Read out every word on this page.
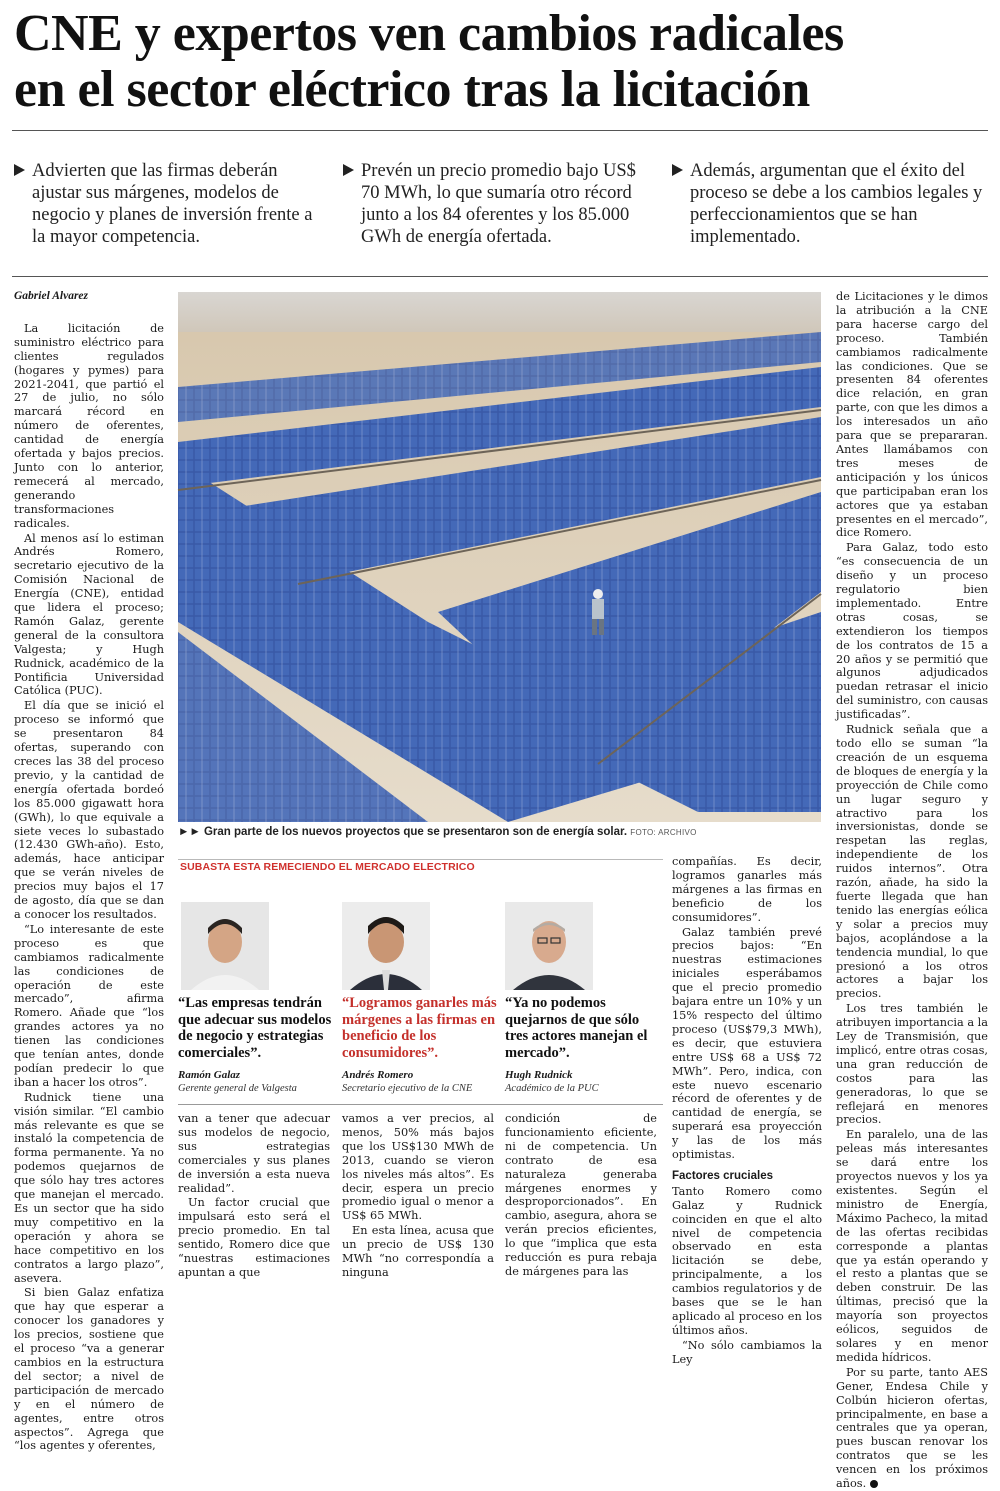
CNE y expertos ven cambios radicales
en el sector eléctrico tras la licitación

Advierten que las firmas deberán ajustar sus márgenes, modelos de negocio y planes de inversión frente a la mayor competencia.

Prevén un precio promedio bajo US$ 70 MWh, lo que sumaría otro récord junto a los 84 oferentes y los 85.000 GWh de energía ofertada.

Además, argumentan que el éxito del proceso se debe a los cambios legales y perfeccionamientos que se han implementado.

Gabriel Alvarez

La licitación de suministro eléctrico para clientes regulados (hogares y pymes) para 2021-2041, que partió el 27 de julio, no sólo marcará récord en número de oferentes, cantidad de energía ofertada y bajos precios. Junto con lo anterior, remecerá al mercado, generando transformaciones radicales.

Al menos así lo estiman Andrés Romero, secretario ejecutivo de la Comisión Nacional de Energía (CNE), entidad que lidera el proceso; Ramón Galaz, gerente general de la consultora Valgesta; y Hugh Rudnick, académico de la Pontificia Universidad Católica (PUC).

El día que se inició el proceso se informó que se presentaron 84 ofertas, superando con creces las 38 del proceso previo, y la cantidad de energía ofertada bordeó los 85.000 gigawatt hora (GWh), lo que equivale a siete veces lo subastado (12.430 GWh-año). Esto, además, hace anticipar que se verán niveles de precios muy bajos el 17 de agosto, día que se dan a conocer los resultados.

“Lo interesante de este proceso es que cambiamos radicalmente las condiciones de operación de este mercado”, afirma Romero. Añade que “los grandes actores ya no tienen las condiciones que tenían antes, donde podían predecir lo que iban a hacer los otros”.

Rudnick tiene una visión similar. “El cambio más relevante es que se instaló la competencia de forma permanente. Ya no podemos quejarnos de que sólo hay tres actores que manejan el mercado. Es un sector que ha sido muy competitivo en la operación y ahora se hace competitivo en los contratos a largo plazo”, asevera.

Si bien Galaz enfatiza que hay que esperar a conocer los ganadores y los precios, sostiene que el proceso “va a generar cambios en la estructura del sector; a nivel de participación de mercado y en el número de agentes, entre otros aspectos”. Agrega que “los agentes y oferentes,

►► Gran parte de los nuevos proyectos que se presentaron son de energía solar. FOTO: ARCHIVO
SUBASTA ESTA REMECIENDO EL MERCADO ELECTRICO
“Las empresas tendrán que adecuar sus modelos de negocio y estrategias comerciales”.
“Logramos ganarles más márgenes a las firmas en beneficio de los consumidores”.
“Ya no podemos quejarnos de que sólo tres actores manejan el mercado”.
Ramón Galaz
Gerente general de Valgesta
Andrés Romero
Secretario ejecutivo de la CNE
Hugh Rudnick
Académico de la PUC

van a tener que adecuar sus modelos de negocio, sus estrategias comerciales y sus planes de inversión a esta nueva realidad”.

Un factor crucial que impulsará esto será el precio promedio. En tal sentido, Romero dice que “nuestras estimaciones apuntan a que

vamos a ver precios, al menos, 50% más bajos que los US$130 MWh de 2013, cuando se vieron los niveles más altos”. Es decir, espera un precio promedio igual o menor a US$ 65 MWh.

En esta línea, acusa que un precio de US$ 130 MWh “no correspondía a ninguna

condición de funcionamiento eficiente, ni de competencia. Un contrato de esa naturaleza generaba márgenes enormes y desproporcionados”. En cambio, asegura, ahora se verán precios eficientes, lo que “implica que esta reducción es pura rebaja de márgenes para las

compañías. Es decir, logramos ganarles más márgenes a las firmas en beneficio de los consumidores”.

Galaz también prevé precios bajos: “En nuestras estimaciones iniciales esperábamos que el precio promedio bajara entre un 10% y un 15% respecto del último proceso (US$79,3 MWh), es decir, que estuviera entre US$ 68 a US$ 72 MWh”. Pero, indica, con este nuevo escenario récord de oferentes y de cantidad de energía, se superará esa proyección y las de los más optimistas.

Factores cruciales

Tanto Romero como Galaz y Rudnick coinciden en que el alto nivel de competencia observado en esta licitación se debe, principalmente, a los cambios regulatorios y de bases que se le han aplicado al proceso en los últimos años.

“No sólo cambiamos la Ley

de Licitaciones y le dimos la atribución a la CNE para hacerse cargo del proceso. También cambiamos radicalmente las condiciones. Que se presenten 84 oferentes dice relación, en gran parte, con que les dimos a los interesados un año para que se prepararan. Antes llamábamos con tres meses de anticipación y los únicos que participaban eran los actores que ya estaban presentes en el mercado”, dice Romero.

Para Galaz, todo esto “es consecuencia de un diseño y un proceso regulatorio bien implementado. Entre otras cosas, se extendieron los tiempos de los contratos de 15 a 20 años y se permitió que algunos adjudicados puedan retrasar el inicio del suministro, con causas justificadas”.

Rudnick señala que a todo ello se suman “la creación de un esquema de bloques de energía y la proyección de Chile como un lugar seguro y atractivo para los inversionistas, donde se respetan las reglas, independiente de los ruidos internos”. Otra razón, añade, ha sido la fuerte llegada que han tenido las energías eólica y solar a precios muy bajos, acoplándose a la tendencia mundial, lo que presionó a los otros actores a bajar los precios.

Los tres también le atribuyen importancia a la Ley de Transmisión, que implicó, entre otras cosas, una gran reducción de costos para las generadoras, lo que se reflejará en menores precios.

En paralelo, una de las peleas más interesantes se dará entre los proyectos nuevos y los ya existentes. Según el ministro de Energía, Máximo Pacheco, la mitad de las ofertas recibidas corresponde a plantas que ya están operando y el resto a plantas que se deben construir. De las últimas, precisó que la mayoría son proyectos eólicos, seguidos de solares y en menor medida hídricos.

Por su parte, tanto AES Gener, Endesa Chile y Colbún hicieron ofertas, principalmente, en base a centrales que ya operan, pues buscan renovar los contratos que se les vencen en los próximos años.
